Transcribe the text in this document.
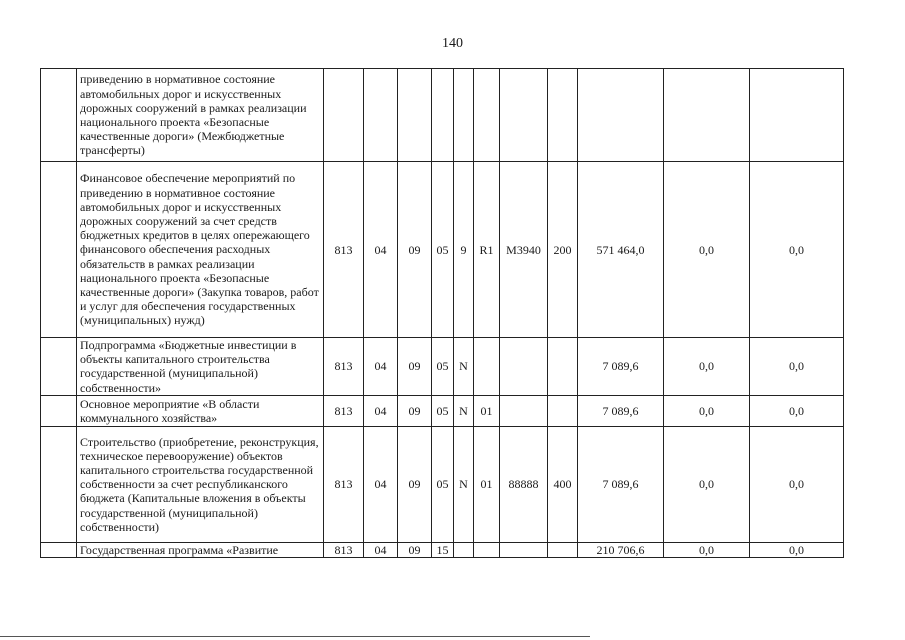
140
	приведению в нормативное состояние автомобильных дорог и искусственных дорожных сооружений в рамках реализации национального проекта «Безопасные качественные дороги» (Межбюджетные трансферты)											
	Финансовое обеспечение мероприятий по приведению в нормативное состояние автомобильных дорог и искусственных дорожных сооружений за счет средств бюджетных кредитов в целях опережающего финансового обеспечения расходных обязательств в рамках реализации национального проекта «Безопасные качественные дороги» (Закупка товаров, работ и услуг для обеспечения государственных (муниципальных) нужд)	813	04	09	05	9	R1	М3940	200	571 464,0	0,0	0,0
	Подпрограмма «Бюджетные инвестиции в объекты капитального строительства государственной (муниципальной) собственности»	813	04	09	05	N				7 089,6	0,0	0,0
	Основное мероприятие «В области коммунального хозяйства»	813	04	09	05	N	01			7 089,6	0,0	0,0
	Строительство (приобретение, реконструкция, техническое перевооружение) объектов капитального строительства государственной собственности за счет республиканского бюджета (Капитальные вложения в объекты государственной (муниципальной) собственности)	813	04	09	05	N	01	88888	400	7 089,6	0,0	0,0
	Государственная программа «Развитие	813	04	09	15					210 706,6	0,0	0,0
